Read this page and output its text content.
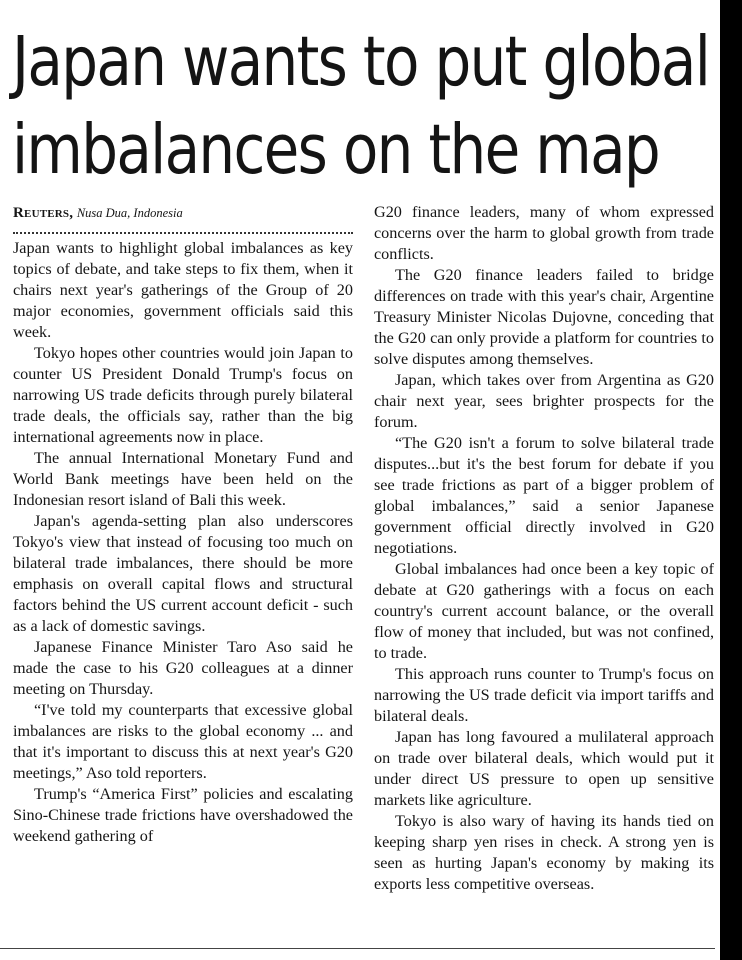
Japan wants to put global
imbalances on the map
Reuters, Nusa Dua, Indonesia

Japan wants to highlight global imbalances as key topics of debate, and take steps to fix them, when it chairs next year's gatherings of the Group of 20 major economies, government officials said this week.

Tokyo hopes other countries would join Japan to counter US President Donald Trump's focus on narrowing US trade deficits through purely bilateral trade deals, the officials say, rather than the big international agreements now in place.

The annual International Monetary Fund and World Bank meetings have been held on the Indonesian resort island of Bali this week.

Japan's agenda-setting plan also underscores Tokyo's view that instead of focusing too much on bilateral trade imbalances, there should be more emphasis on overall capital flows and structural factors behind the US current account deficit - such as a lack of domestic savings.

Japanese Finance Minister Taro Aso said he made the case to his G20 colleagues at a dinner meeting on Thursday.

“I've told my counterparts that excessive global imbalances are risks to the global economy ... and that it's important to discuss this at next year's G20 meetings,” Aso told reporters.

Trump's “America First” policies and escalating Sino-Chinese trade frictions have overshadowed the weekend gathering of

G20 finance leaders, many of whom expressed concerns over the harm to global growth from trade conflicts.

The G20 finance leaders failed to bridge differences on trade with this year's chair, Argentine Treasury Minister Nicolas Dujovne, conceding that the G20 can only provide a platform for countries to solve disputes among themselves.

Japan, which takes over from Argentina as G20 chair next year, sees brighter prospects for the forum.

“The G20 isn't a forum to solve bilateral trade disputes...but it's the best forum for debate if you see trade frictions as part of a bigger problem of global imbalances,” said a senior Japanese government official directly involved in G20 negotiations.

Global imbalances had once been a key topic of debate at G20 gatherings with a focus on each country's current account balance, or the overall flow of money that included, but was not confined, to trade.

This approach runs counter to Trump's focus on narrowing the US trade deficit via import tariffs and bilateral deals.

Japan has long favoured a mulilateral approach on trade over bilateral deals, which would put it under direct US pressure to open up sensitive markets like agriculture.

Tokyo is also wary of having its hands tied on keeping sharp yen rises in check. A strong yen is seen as hurting Japan's economy by making its exports less competitive overseas.
